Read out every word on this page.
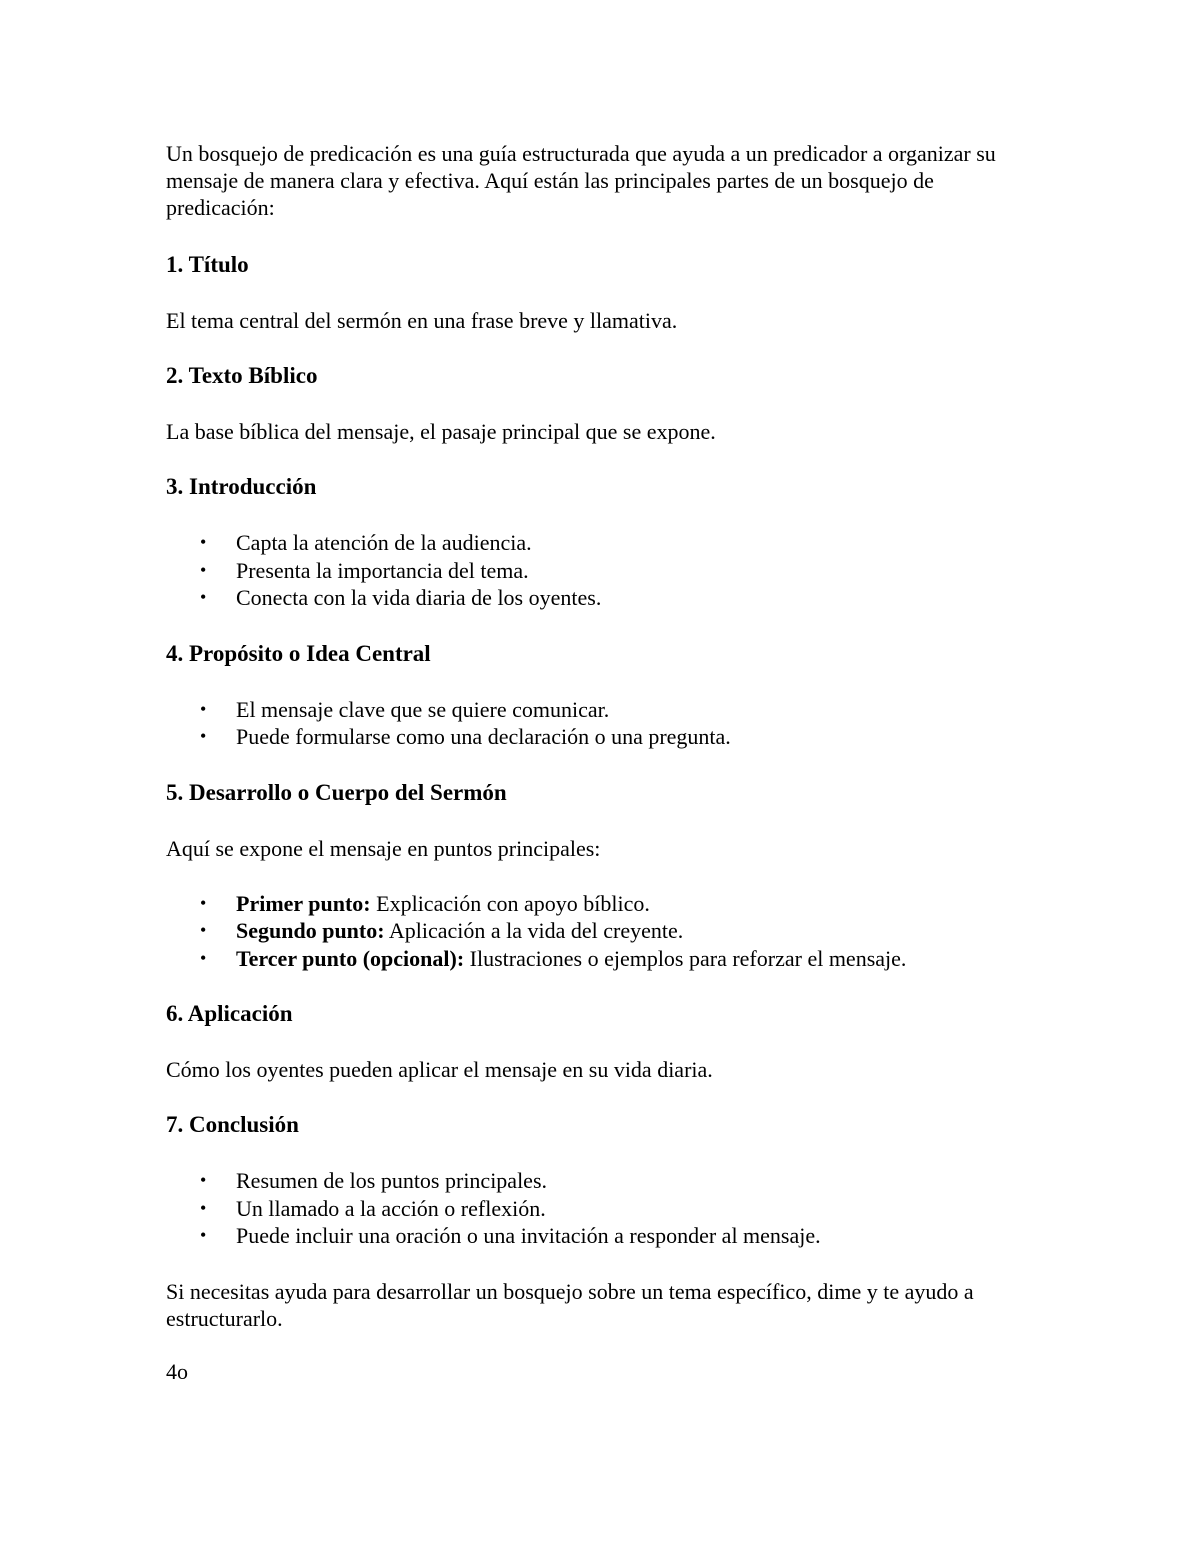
Un bosquejo de predicación es una guía estructurada que ayuda a un predicador a organizar su mensaje de manera clara y efectiva. Aquí están las principales partes de un bosquejo de predicación:

1. Título

El tema central del sermón en una frase breve y llamativa.

2. Texto Bíblico

La base bíblica del mensaje, el pasaje principal que se expone.

3. Introducción
• Capta la atención de la audiencia.
• Presenta la importancia del tema.
• Conecta con la vida diaria de los oyentes.
4. Propósito o Idea Central
• El mensaje clave que se quiere comunicar.
• Puede formularse como una declaración o una pregunta.
5. Desarrollo o Cuerpo del Sermón

Aquí se expone el mensaje en puntos principales:

• Primer punto: Explicación con apoyo bíblico.
• Segundo punto: Aplicación a la vida del creyente.
• Tercer punto (opcional): Ilustraciones o ejemplos para reforzar el mensaje.
6. Aplicación

Cómo los oyentes pueden aplicar el mensaje en su vida diaria.

7. Conclusión
• Resumen de los puntos principales.
• Un llamado a la acción o reflexión.
• Puede incluir una oración o una invitación a responder al mensaje.

Si necesitas ayuda para desarrollar un bosquejo sobre un tema específico, dime y te ayudo a estructurarlo.

4o
